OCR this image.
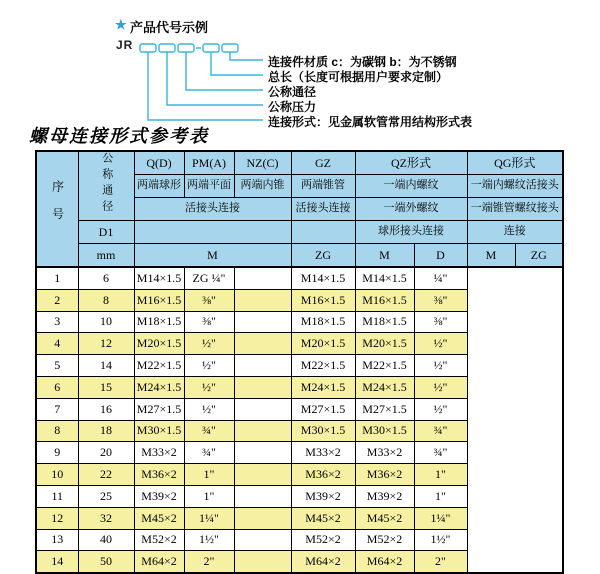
★ 产品代号示例
JR
连接件材质 c：为碳钢 b：为不锈钢
总长（长度可根据用户要求定制）
公称通径
公称压力
连接形式：见金属软管常用结构形式表
螺母连接形式参考表
序号	公称通径	Q(D)	PM(A)	NZ(C)	GZ	QZ形式		QG形式	
		两端球形	两端平面	两端内锥	两端锥管	一端内螺纹		一端内螺纹活接头	
		活接头连接			活接头连接	一端外螺纹		一端锥管螺纹接头	
	D1					球形接头连接		连接	
	mm	M			ZG	M	D	M	ZG
1	6	M14×1.5	ZG ¼"		M14×1.5	M14×1.5	¼"		
2	8	M16×1.5	⅜"		M16×1.5	M16×1.5	⅜"		
3	10	M18×1.5	⅜"		M18×1.5	M18×1.5	⅜"		
4	12	M20×1.5	½"		M20×1.5	M20×1.5	½"		
5	14	M22×1.5	½"		M22×1.5	M22×1.5	½"		
6	15	M24×1.5	½"		M24×1.5	M24×1.5	½"		
7	16	M27×1.5	½"		M27×1.5	M27×1.5	½"		
8	18	M30×1.5	¾"		M30×1.5	M30×1.5	¾"		
9	20	M33×2	¾"		M33×2	M33×2	¾"		
10	22	M36×2	1"		M36×2	M36×2	1"		
11	25	M39×2	1"		M39×2	M39×2	1"		
12	32	M45×2	1¼"		M45×2	M45×2	1¼"		
13	40	M52×2	1½"		M52×2	M52×2	1½"		
14	50	M64×2	2"		M64×2	M64×2	2"		
